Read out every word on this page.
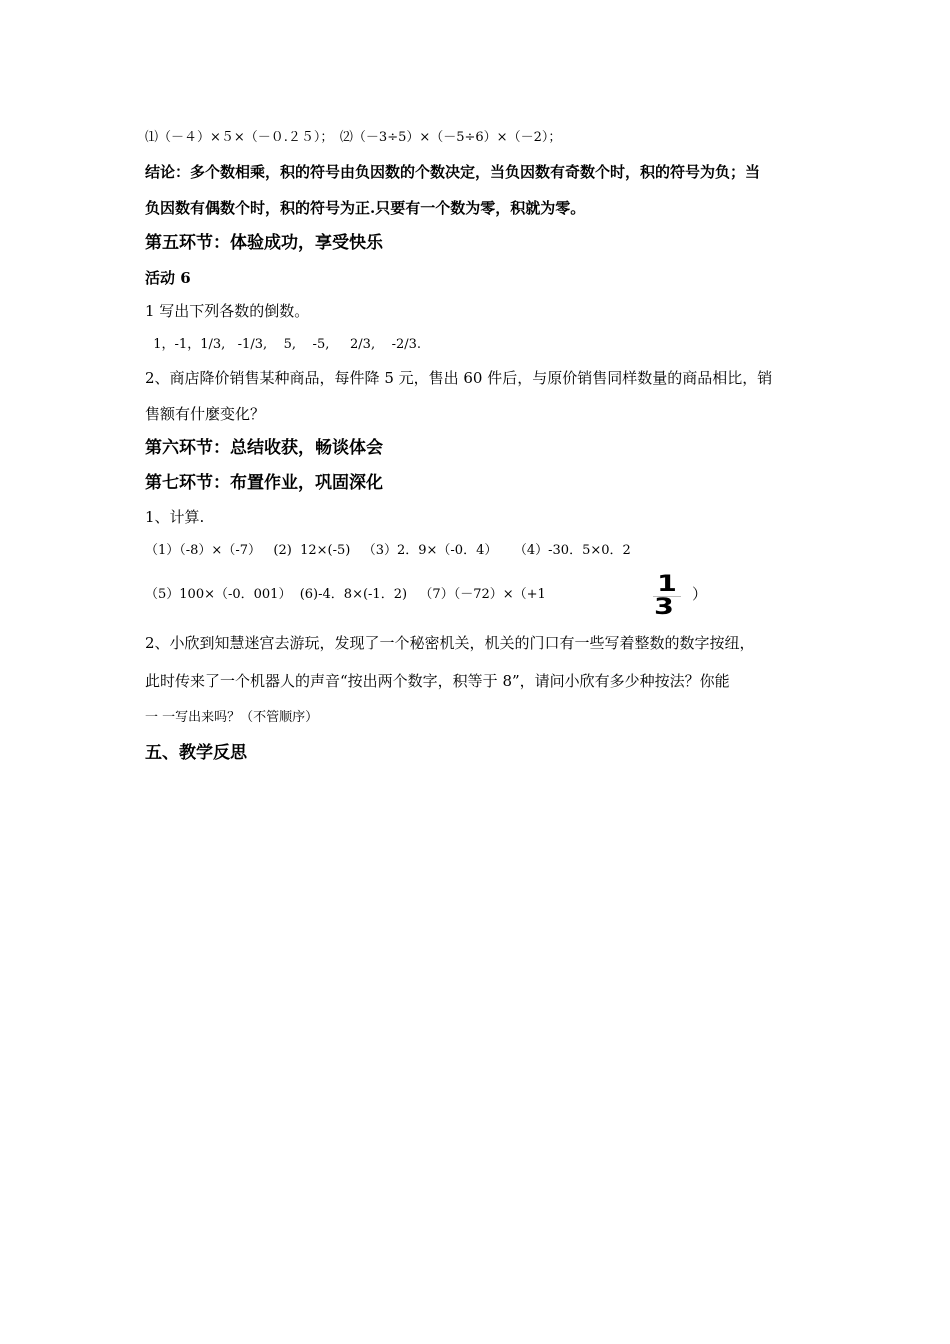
⑴（－４）×５×（－０.２５）；　⑵（－3÷5）×（－5÷6）×（－2）；
结论：多个数相乘，积的符号由负因数的个数决定，当负因数有奇数个时，积的符号为负；当
负因数有偶数个时，积的符号为正.只要有一个数为零，积就为零。
第五环节：体验成功，享受快乐
活动 6
1 写出下列各数的倒数。
1，-1，1/3,   -1/3,    5,    -5,     2/3,    -2/3.
2、商店降价销售某种商品，每件降 5 元，售出 60 件后，与原价销售同样数量的商品相比，销
售额有什麼变化？
第六环节：总结收获，畅谈体会
第七环节：布置作业，巩固深化
1、计算.
（1）（-8）×（-7）   (2)  12×(-5)   （3）2．9×（-0．4）    （4）-30．5×0．2
（5）100×（-0．001）  (6)-4．8×(-1．2)   （7）（－72）×（+1	1
3
）
2、小欣到知慧迷宫去游玩，发现了一个秘密机关，机关的门口有一些写着整数的数字按纽，
此时传来了一个机器人的声音“按出两个数字，积等于 8”，请问小欣有多少种按法？你能
一 一写出来吗？（不管顺序）
五、教学反思
